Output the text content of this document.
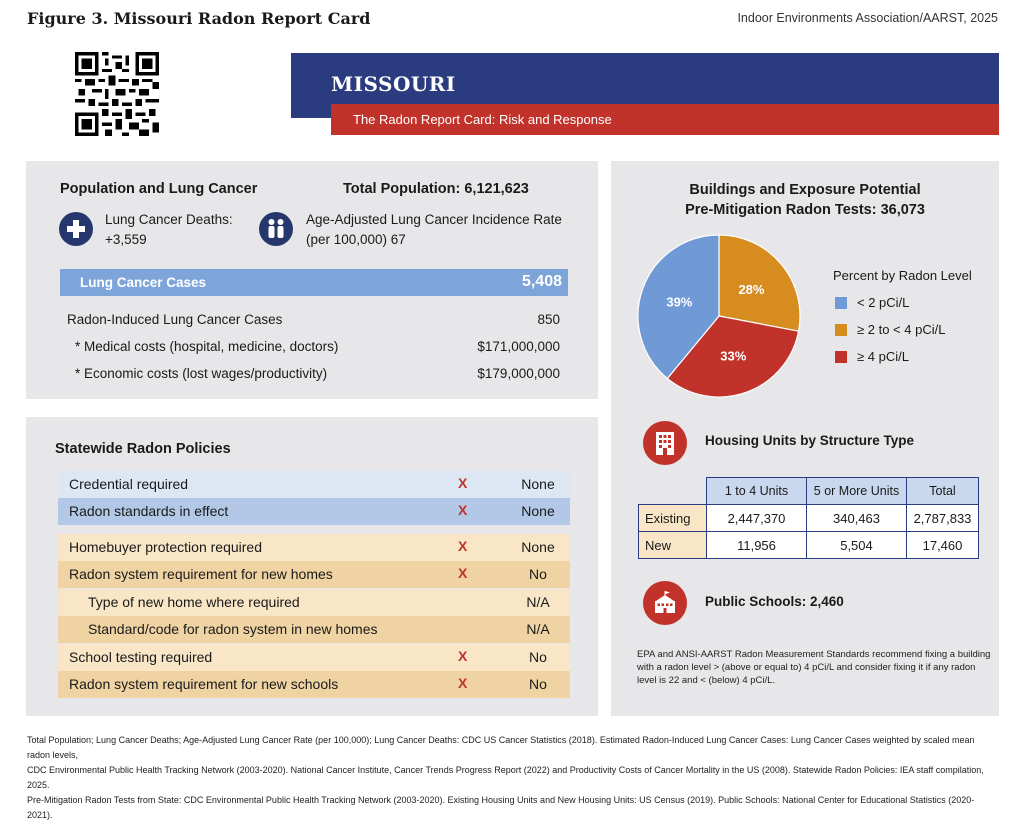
Figure 3. Missouri Radon Report Card	Indoor Environments Association/AARST, 2025
MISSOURI
The Radon Report Card: Risk and Response
Population and Lung Cancer	Total Population: 6,121,623
Lung Cancer Deaths:
+3,559
Age-Adjusted Lung Cancer Incidence Rate
(per 100,000) 67
Lung Cancer Cases	5,408
Radon-Induced Lung Cancer Cases	850
* Medical costs (hospital, medicine, doctors)	$171,000,000
* Economic costs (lost wages/productivity)	$179,000,000
Statewide Radon Policies
Credential required	X	None
Radon standards in effect	X	None
Homebuyer protection required	X	None
Radon system requirement for new homes	X	No
Type of new home where required	N/A
Standard/code for radon system in new homes	N/A
School testing required	X	No
Radon system requirement for new schools	X	No
Buildings and Exposure Potential
Pre-Mitigation Radon Tests: 36,073
28%
33%
39%
Percent by Radon Level
< 2 pCi/L
≥ 2 to < 4 pCi/L
≥ 4 pCi/L
Housing Units by Structure Type
	1 to 4 Units	5 or More Units	Total
Existing	2,447,370	340,463	2,787,833
New	11,956	5,504	17,460
Public Schools: 2,460
EPA and ANSI-AARST Radon Measurement Standards recommend fixing a building
with a radon level > (above or equal to) 4 pCi/L and consider fixing it if any radon
level is 22 and < (below) 4 pCi/L.
Total Population; Lung Cancer Deaths; Age-Adjusted Lung Cancer Rate (per 100,000); Lung Cancer Deaths: CDC US Cancer Statistics (2018). Estimated Radon-Induced Lung Cancer Cases: Lung Cancer Cases weighted by scaled mean radon levels,
CDC Environmental Public Health Tracking Network (2003-2020). National Cancer Institute, Cancer Trends Progress Report (2022) and Productivity Costs of Cancer Mortality in the US (2008). Statewide Radon Policies: IEA staff compilation, 2025.
Pre-Mitigation Radon Tests from State: CDC Environmental Public Health Tracking Network (2003-2020). Existing Housing Units and New Housing Units: US Census (2019). Public Schools: National Center for Educational Statistics (2020-2021).
